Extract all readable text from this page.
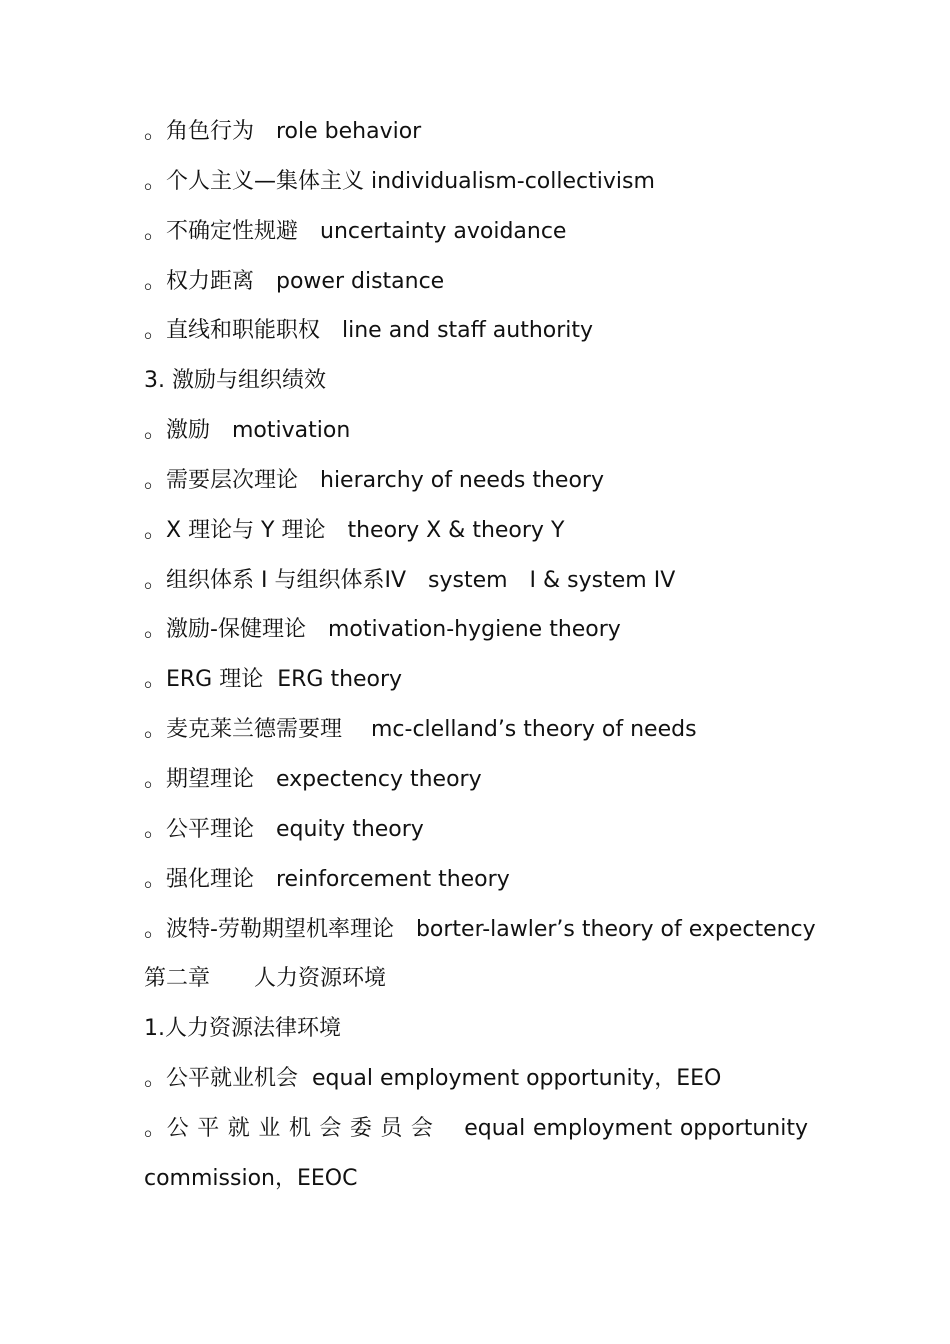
。角色行为　role behavior
。个人主义—集体主义 individualism-collectivism
。不确定性规避　uncertainty avoidance
。权力距离　power distance
。直线和职能职权　line and staff authority
3. 激励与组织绩效
。激励　motivation
。需要层次理论　hierarchy of needs theory
。X 理论与 Y 理论　theory X & theory Y
。组织体系 I 与组织体系IV　system　I & system IV
。激励-保健理论　motivation-hygiene theory
。ERG 理论  ERG theory
。麦克莱兰德需要理　 mc-clelland’s theory of needs
。期望理论　expectency theory
。公平理论　equity theory
。强化理论　reinforcement theory
。波特-劳勒期望机率理论　borter-lawler’s theory of expectency
第二章　　人力资源环境
1.人力资源法律环境
。公平就业机会  equal employment opportunity，EEO
。公 平 就 业 机 会 委 员 会　 equal employment opportunity
commission，EEOC
